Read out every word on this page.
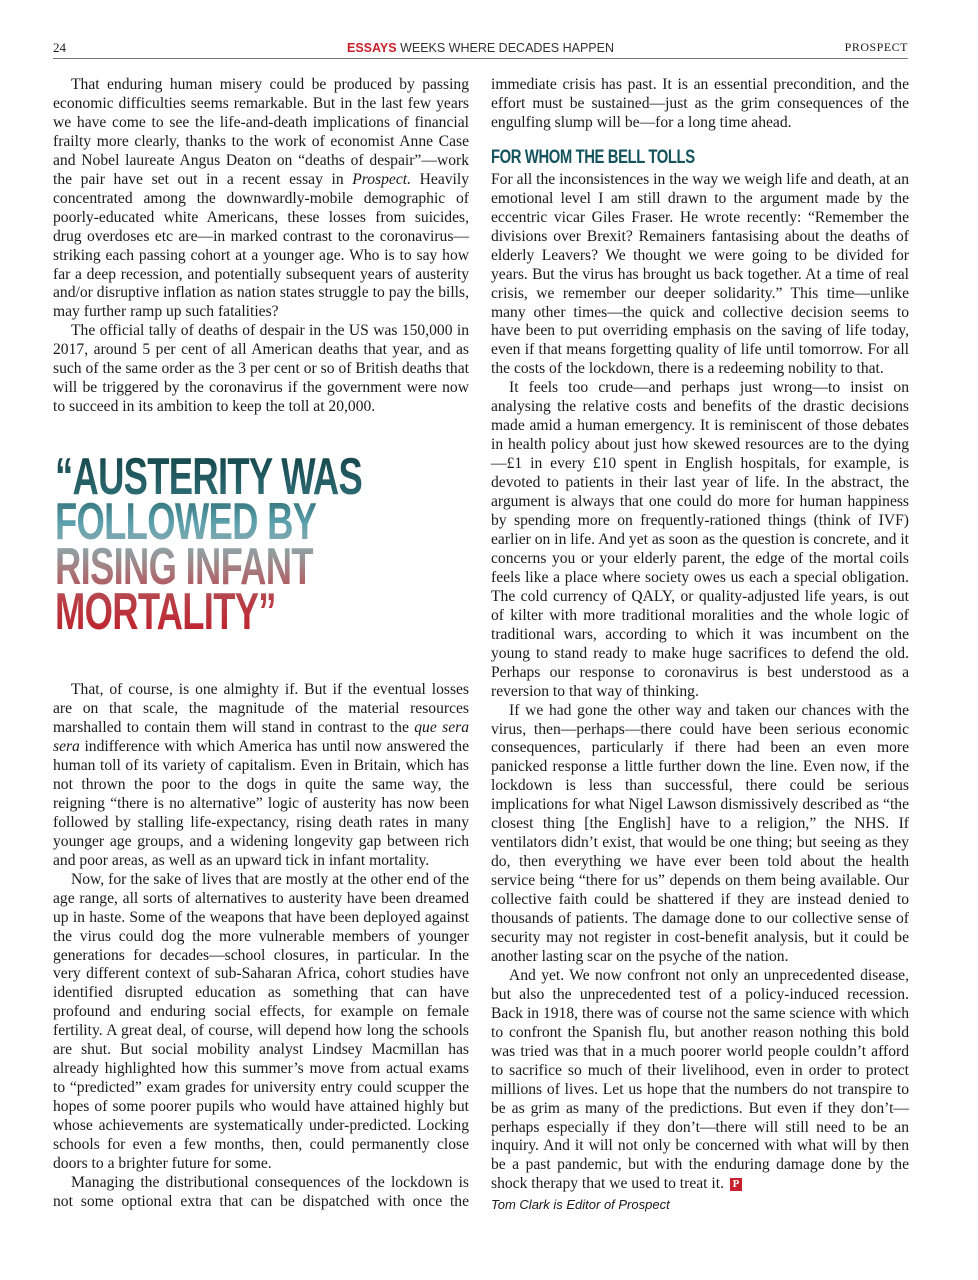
24	ESSAYS WEEKS WHERE DECADES HAPPEN	PROSPECT

That enduring human misery could be produced by passing economic difficulties seems remarkable. But in the last few years we have come to see the life-and-death implications of financial frailty more clearly, thanks to the work of economist Anne Case and Nobel laureate Angus Deaton on “deaths of despair”—work the pair have set out in a recent essay in Prospect. Heavily concentrated among the downwardly-mobile demographic of poorly-educated white Americans, these losses from suicides, drug overdoses etc are—in marked contrast to the coronavirus—striking each passing cohort at a younger age. Who is to say how far a deep recession, and potentially subsequent years of austerity and/or disruptive inflation as nation states struggle to pay the bills, may further ramp up such fatalities?

The official tally of deaths of despair in the US was 150,000 in 2017, around 5 per cent of all American deaths that year, and as such of the same order as the 3 per cent or so of British deaths that will be triggered by the coronavirus if the government were now to succeed in its ambition to keep the toll at 20,000.

That, of course, is one almighty if. But if the eventual losses are on that scale, the magnitude of the material resources marshalled to contain them will stand in contrast to the que sera sera indifference with which America has until now answered the human toll of its variety of capitalism. Even in Britain, which has not thrown the poor to the dogs in quite the same way, the reigning “there is no alternative” logic of austerity has now been followed by stalling life-expectancy, rising death rates in many younger age groups, and a widening longevity gap between rich and poor areas, as well as an upward tick in infant mortality.

Now, for the sake of lives that are mostly at the other end of the age range, all sorts of alternatives to austerity have been dreamed up in haste. Some of the weapons that have been deployed against the virus could dog the more vulnerable members of younger generations for decades—school closures, in particular. In the very different context of sub-Saharan Africa, cohort studies have identified disrupted education as something that can have profound and enduring social effects, for example on female fertility. A great deal, of course, will depend how long the schools are shut. But social mobility analyst Lindsey Macmillan has already highlighted how this summer’s move from actual exams to “predicted” exam grades for university entry could scupper the hopes of some poorer pupils who would have attained highly but whose achievements are systematically under-predicted. Locking schools for even a few months, then, could permanently close doors to a brighter future for some.

Managing the distributional consequences of the lockdown is not some optional extra that can be dispatched with once the

“AUSTERITY WAS
FOLLOWED BY
RISING INFANT
MORTALITY”

immediate crisis has past. It is an essential precondition, and the effort must be sustained—just as the grim consequences of the engulfing slump will be—for a long time ahead.

FOR WHOM THE BELL TOLLS

For all the inconsistences in the way we weigh life and death, at an emotional level I am still drawn to the argument made by the eccentric vicar Giles Fraser. He wrote recently: “Remember the divisions over Brexit? Remainers fantasising about the deaths of elderly Leavers? We thought we were going to be divided for years. But the virus has brought us back together. At a time of real crisis, we remember our deeper solidarity.” This time—unlike many other times—the quick and collective decision seems to have been to put overriding emphasis on the saving of life today, even if that means forgetting quality of life until tomorrow. For all the costs of the lockdown, there is a redeeming nobility to that.

It feels too crude—and perhaps just wrong—to insist on analysing the relative costs and benefits of the drastic decisions made amid a human emergency. It is reminiscent of those debates in health policy about just how skewed resources are to the dying—£1 in every £10 spent in English hospitals, for example, is devoted to patients in their last year of life. In the abstract, the argument is always that one could do more for human happiness by spending more on frequently-rationed things (think of IVF) earlier on in life. And yet as soon as the question is concrete, and it concerns you or your elderly parent, the edge of the mortal coils feels like a place where society owes us each a special obligation. The cold currency of QALY, or quality-adjusted life years, is out of kilter with more traditional moralities and the whole logic of traditional wars, according to which it was incumbent on the young to stand ready to make huge sacrifices to defend the old. Perhaps our response to coronavirus is best understood as a reversion to that way of thinking.

If we had gone the other way and taken our chances with the virus, then—perhaps—there could have been serious economic consequences, particularly if there had been an even more panicked response a little further down the line. Even now, if the lockdown is less than successful, there could be serious implications for what Nigel Lawson dismissively described as “the closest thing [the English] have to a religion,” the NHS. If ventilators didn’t exist, that would be one thing; but seeing as they do, then everything we have ever been told about the health service being “there for us” depends on them being available. Our collective faith could be shattered if they are instead denied to thousands of patients. The damage done to our collective sense of security may not register in cost-benefit analysis, but it could be another lasting scar on the psyche of the nation.

And yet. We now confront not only an unprecedented disease, but also the unprecedented test of a policy-induced recession. Back in 1918, there was of course not the same science with which to confront the Spanish flu, but another reason nothing this bold was tried was that in a much poorer world people couldn’t afford to sacrifice so much of their livelihood, even in order to protect millions of lives. Let us hope that the numbers do not transpire to be as grim as many of the predictions. But even if they don’t—perhaps especially if they don’t—there will still need to be an inquiry. And it will not only be concerned with what will by then be a past pandemic, but with the enduring damage done by the shock therapy that we used to treat it. P

Tom Clark is Editor of Prospect
